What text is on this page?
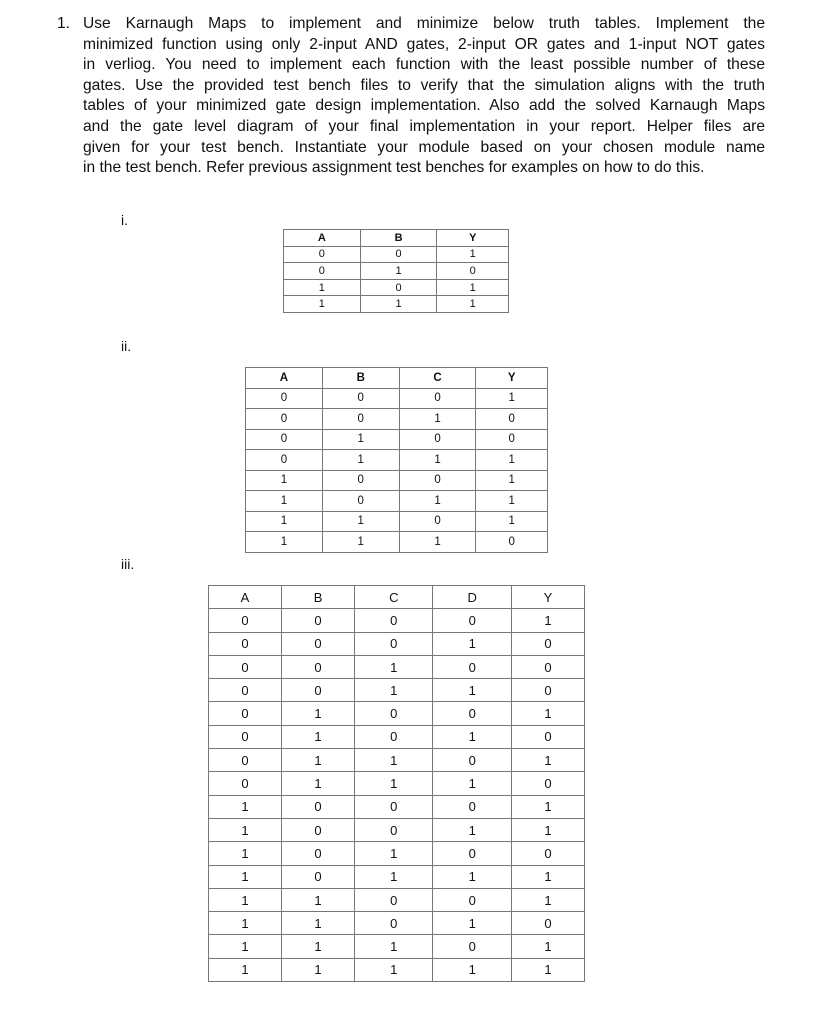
1. Use Karnaugh Maps to implement and minimize below truth tables. Implement the
minimized function using only 2-input AND gates, 2-input OR gates and 1-input NOT gates
in verliog. You need to implement each function with the least possible number of these
gates. Use the provided test bench files to verify that the simulation aligns with the truth
tables of your minimized gate design implementation. Also add the solved Karnaugh Maps
and the gate level diagram of your final implementation in your report. Helper files are
given for your test bench. Instantiate your module based on your chosen module name
in the test bench. Refer previous assignment test benches for examples on how to do this.
i.
A	B	Y
0	0	1
0	1	0
1	0	1
1	1	1
ii.
A	B	C	Y
0	0	0	1
0	0	1	0
0	1	0	0
0	1	1	1
1	0	0	1
1	0	1	1
1	1	0	1
1	1	1	0
iii.
A	B	C	D	Y
0	0	0	0	1
0	0	0	1	0
0	0	1	0	0
0	0	1	1	0
0	1	0	0	1
0	1	0	1	0
0	1	1	0	1
0	1	1	1	0
1	0	0	0	1
1	0	0	1	1
1	0	1	0	0
1	0	1	1	1
1	1	0	0	1
1	1	0	1	0
1	1	1	0	1
1	1	1	1	1
